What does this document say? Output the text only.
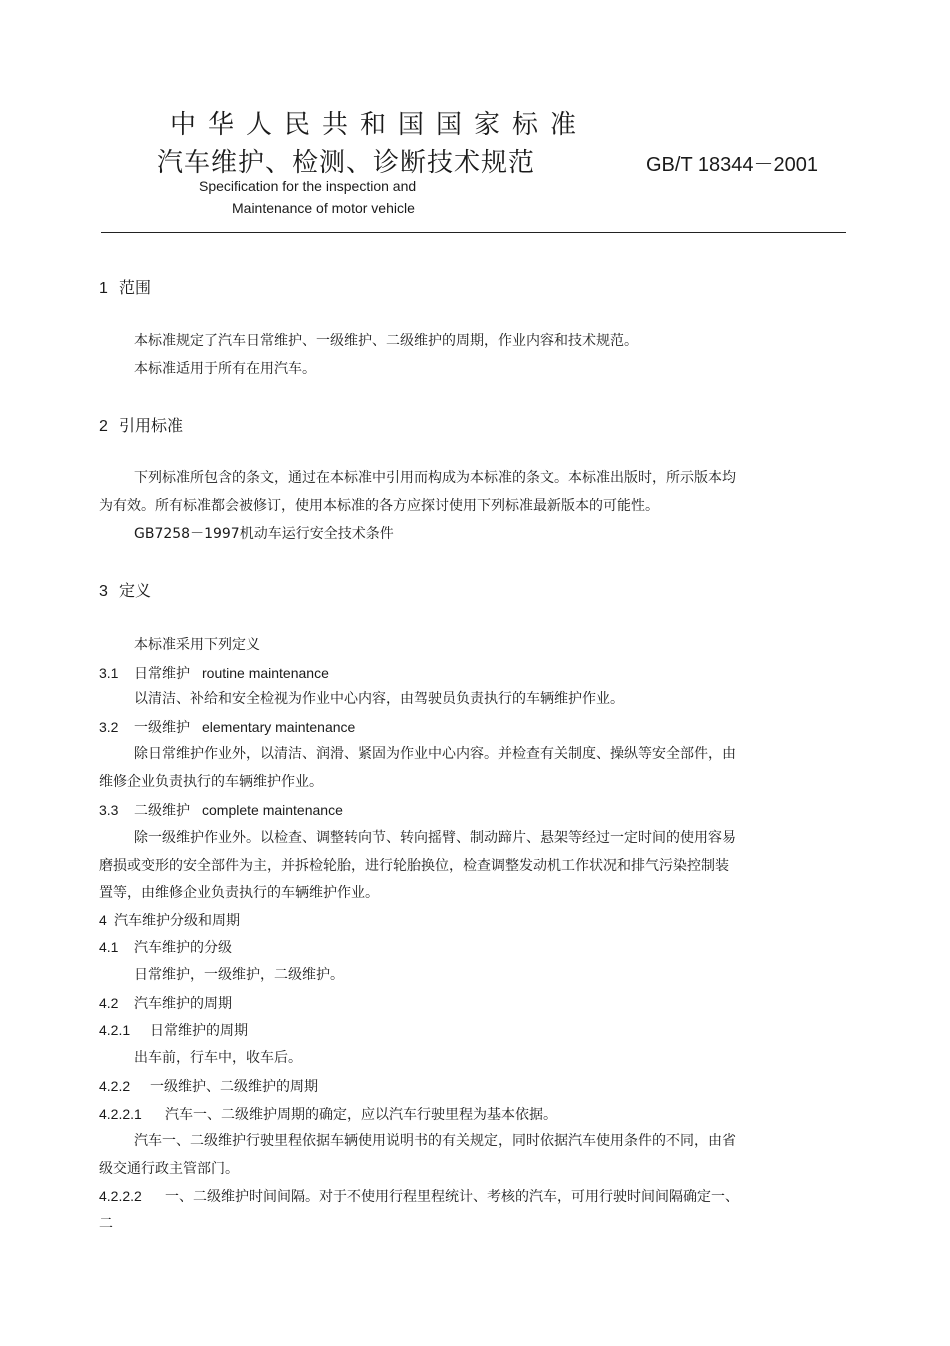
中华人民共和国国家标准
汽车维护、检测、诊断技术规范	GB/T 18344－2001
Specification for the inspection and
Maintenance of motor vehicle
1 范围
本标准规定了汽车日常维护、一级维护、二级维护的周期，作业内容和技术规范。
本标准适用于所有在用汽车。
2 引用标准
下列标准所包含的条文，通过在本标准中引用而构成为本标准的条文。本标准出版时，所示版本均
为有效。所有标准都会被修订，使用本标准的各方应探讨使用下列标准最新版本的可能性。
GB7258－1997机动车运行安全技术条件
3 定义
本标准采用下列定义
3.1 日常维护 routine maintenance
以清洁、补给和安全检视为作业中心内容，由驾驶员负责执行的车辆维护作业。
3.2 一级维护 elementary maintenance
除日常维护作业外，以清洁、润滑、紧固为作业中心内容。并检查有关制度、操纵等安全部件，由
维修企业负责执行的车辆维护作业。
3.3 二级维护 complete maintenance
除一级维护作业外。以检查、调整转向节、转向摇臂、制动蹄片、悬架等经过一定时间的使用容易
磨损或变形的安全部件为主，并拆检轮胎，进行轮胎换位，检查调整发动机工作状况和排气污染控制装
置等，由维修企业负责执行的车辆维护作业。
4 汽车维护分级和周期
4.1 汽车维护的分级
日常维护，一级维护，二级维护。
4.2 汽车维护的周期
4.2.1 日常维护的周期
出车前，行车中，收车后。
4.2.2 一级维护、二级维护的周期
4.2.2.1 汽车一、二级维护周期的确定，应以汽车行驶里程为基本依据。
汽车一、二级维护行驶里程依据车辆使用说明书的有关规定，同时依据汽车使用条件的不同，由省
级交通行政主管部门。
4.2.2.2 一、二级维护时间间隔。对于不使用行程里程统计、考核的汽车，可用行驶时间间隔确定一、
二
